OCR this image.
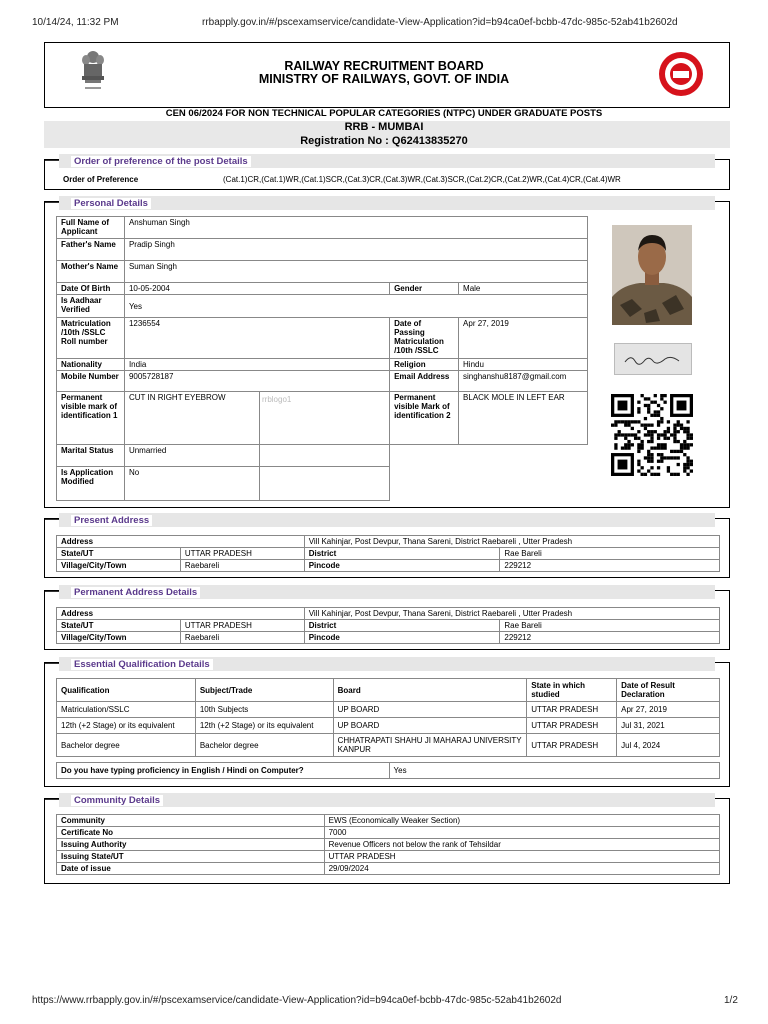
10/14/24, 11:32 PM	rrbapply.gov.in/#/pscexamservice/candidate-View-Application?id=b94ca0ef-bcbb-47dc-985c-52ab41b2602d
https://www.rrbapply.gov.in/#/pscexamservice/candidate-View-Application?id=b94ca0ef-bcbb-47dc-985c-52ab41b2602d	1/2
RAILWAY RECRUITMENT BOARD
MINISTRY OF RAILWAYS, GOVT. OF INDIA
CEN 06/2024 FOR NON TECHNICAL POPULAR CATEGORIES (NTPC) UNDER GRADUATE POSTS
RRB - MUMBAI
Registration No : Q62413835270
Order of preference of the post Details
Order of Preference	(Cat.1)CR,(Cat.1)WR,(Cat.1)SCR,(Cat.3)CR,(Cat.3)WR,(Cat.3)SCR,(Cat.2)CR,(Cat.2)WR,(Cat.4)CR,(Cat.4)WR
Personal Details
Full Name of Applicant	Anshuman Singh			
Father's Name	Pradip Singh			
Mother's Name	Suman Singh			
Date Of Birth	10-05-2004		Gender	Male
Is Aadhaar Verified	Yes			
Matriculation /10th /SSLC Roll number	1236554		Date of Passing Matriculation /10th /SSLC	Apr 27, 2019
Nationality	India		Religion	Hindu
Mobile Number	9005728187		Email Address	singhanshu8187@gmail.com
Permanent visible mark of identification 1	CUT IN RIGHT EYEBROW		Permanent visible Mark of identification 2	BLACK MOLE IN LEFT EAR
Marital Status	Unmarried			
Is Application Modified	No			
rrblogo1
Present Address
Address		Vill Kahinjar, Post Devpur, Thana Sareni, District Raebareli , Utter Pradesh	
State/UT	UTTAR PRADESH	District	Rae Bareli
Village/City/Town	Raebareli	Pincode	229212
Permanent Address Details
Address		Vill Kahinjar, Post Devpur, Thana Sareni, District Raebareli , Utter Pradesh	
State/UT	UTTAR PRADESH	District	Rae Bareli
Village/City/Town	Raebareli	Pincode	229212
Essential Qualification Details
Qualification	Subject/Trade	Board	State in which studied	Date of Result Declaration
Matriculation/SSLC	10th Subjects	UP BOARD	UTTAR PRADESH	Apr 27, 2019
12th (+2 Stage) or its equivalent	12th (+2 Stage) or its equivalent	UP BOARD	UTTAR PRADESH	Jul 31, 2021
Bachelor degree	Bachelor degree	CHHATRAPATI SHAHU JI MAHARAJ UNIVERSITY KANPUR	UTTAR PRADESH	Jul 4, 2024
Do you have typing proficiency in English / Hindi on Computer?	Yes
Community Details
Community	EWS (Economically Weaker Section)
Certificate No	7000
Issuing Authority	Revenue Officers not below the rank of Tehsildar
Issuing State/UT	UTTAR PRADESH
Date of issue	29/09/2024
